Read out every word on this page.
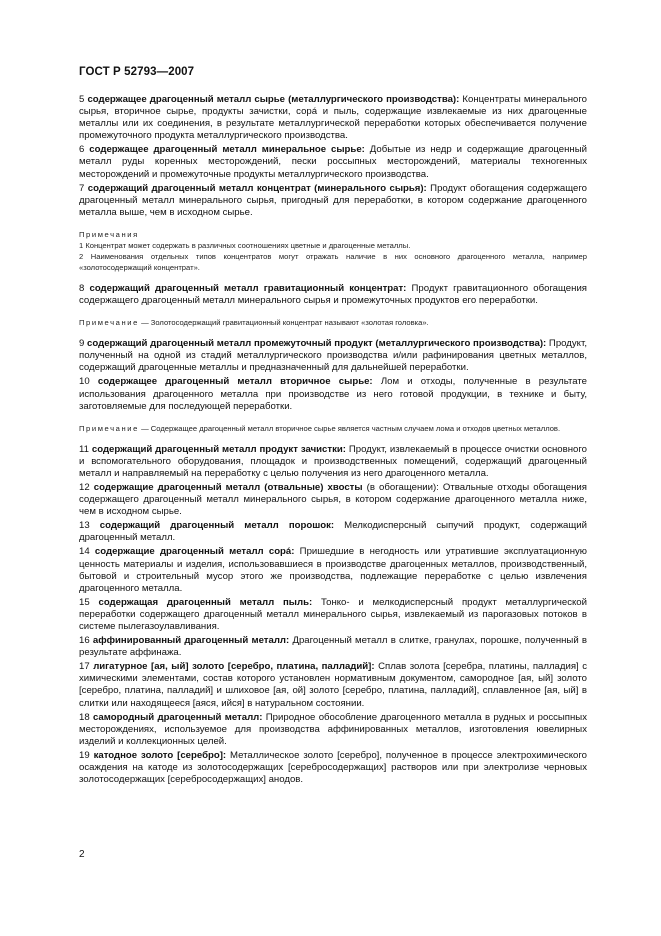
ГОСТ Р 52793—2007

5 содержащее драгоценный металл сырье (металлургического производства): Концентраты минерального сырья, вторичное сырье, продукты зачистки, сорá и пыль, содержащие извлекаемые из них драгоценные металлы или их соединения, в результате металлургической переработки которых обеспечивается получение промежуточного продукта металлургического производства.

6 содержащее драгоценный металл минеральное сырье: Добытые из недр и содержащие драгоценный металл руды коренных месторождений, пески россыпных месторождений, материалы техногенных месторождений и промежуточные продукты металлургического производства.

7 содержащий драгоценный металл концентрат (минерального сырья): Продукт обогащения содержащего драгоценный металл минерального сырья, пригодный для переработки, в котором содержание драгоценного металла выше, чем в исходном сырье.

Примечания

1 Концентрат может содержать в различных соотношениях цветные и драгоценные металлы.

2 Наименования отдельных типов концентратов могут отражать наличие в них основного драгоценного металла, например «золотосодержащий концентрат».

8 содержащий драгоценный металл гравитационный концентрат: Продукт гравитационного обогащения содержащего драгоценный металл минерального сырья и промежуточных продуктов его переработки.

Примечание — Золотосодержащий гравитационный концентрат называют «золотая головка».

9 содержащий драгоценный металл промежуточный продукт (металлургического производства): Продукт, полученный на одной из стадий металлургического производства и/или рафинирования цветных металлов, содержащий драгоценные металлы и предназначенный для дальнейшей переработки.

10 содержащее драгоценный металл вторичное сырье: Лом и отходы, полученные в результате использования драгоценного металла при производстве из него готовой продукции, в технике и быту, заготовляемые для последующей переработки.

Примечание — Содержащее драгоценный металл вторичное сырье является частным случаем лома и отходов цветных металлов.

11 содержащий драгоценный металл продукт зачистки: Продукт, извлекаемый в процессе очистки основного и вспомогательного оборудования, площадок и производственных помещений, содержащий драгоценный металл и направляемый на переработку с целью получения из него драгоценного металла.

12 содержащие драгоценный металл (отвальные) хвосты (в обогащении): Отвальные отходы обогащения содержащего драгоценный металл минерального сырья, в котором содержание драгоценного металла ниже, чем в исходном сырье.

13 содержащий драгоценный металл порошок: Мелкодисперсный сыпучий продукт, содержащий драгоценный металл.

14 содержащие драгоценный металл сорá: Пришедшие в негодность или утратившие эксплуатационную ценность материалы и изделия, использовавшиеся в производстве драгоценных металлов, производственный, бытовой и строительный мусор этого же производства, подлежащие переработке с целью извлечения драгоценного металла.

15 содержащая драгоценный металл пыль: Тонко- и мелкодисперсный продукт металлургической переработки содержащего драгоценный металл минерального сырья, извлекаемый из парогазовых потоков в системе пылегазоулавливания.

16 аффинированный драгоценный металл: Драгоценный металл в слитке, гранулах, порошке, полученный в результате аффинажа.

17 лигатурное [ая, ый] золото [серебро, платина, палладий]: Сплав золота [серебра, платины, палладия] с химическими элементами, состав которого установлен нормативным документом, самородное [ая, ый] золото [серебро, платина, палладий] и шлиховое [ая, ой] золото [серебро, платина, палладий], сплавленное [ая, ый] в слитки или находящееся [аяся, ийся] в натуральном состоянии.

18 самородный драгоценный металл: Природное обособление драгоценного металла в рудных и россыпных месторождениях, используемое для производства аффинированных металлов, изготовления ювелирных изделий и коллекционных целей.

19 катодное золото [серебро]: Металлическое золото [серебро], полученное в процессе электрохимического осаждения на катоде из золотосодержащих [серебросодержащих] растворов или при электролизе черновых золотосодержащих [серебросодержащих] анодов.

2
